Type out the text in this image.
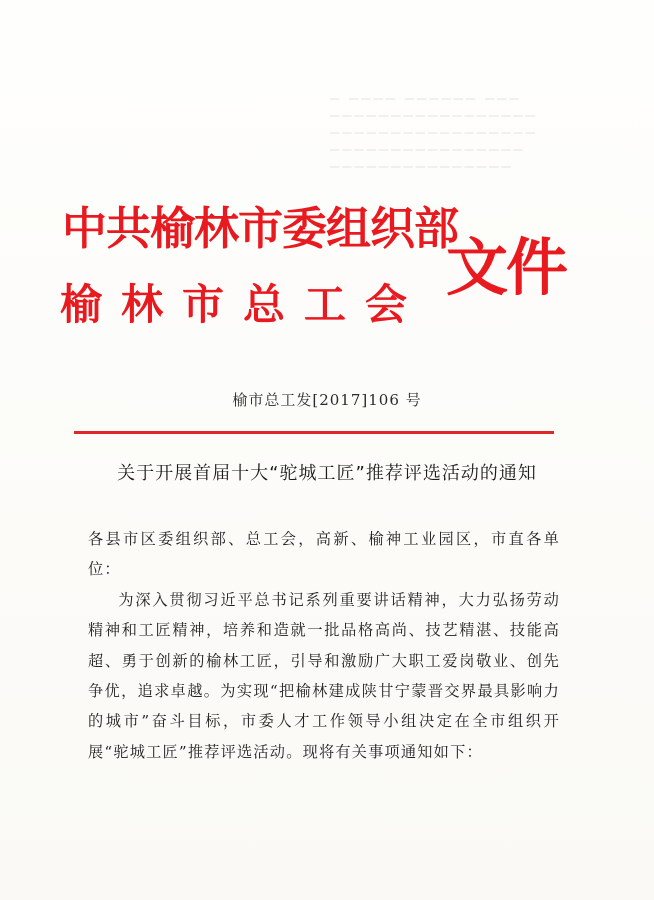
▁ ▁▁▁▁ ▁▁▁▁▁▁ ▁▁▁
▁▁▁▁▁▁▁▁▁▁▁▁▁▁▁▁▁
▁▁▁▁▁▁▁▁▁▁▁▁▁▁▁▁▁
▁▁▁▁▁▁▁▁▁▁▁▁▁▁▁▁
▁▁▁▁▁▁▁▁▁▁▁▁▁▁▁
中共榆林市委组织部
榆林市总工会
文件
榆市总工发[2017]106 号
关于开展首届十大“驼城工匠”推荐评选活动的通知

各县市区委组织部、总工会，高新、榆神工业园区，市直各单位：

为深入贯彻习近平总书记系列重要讲话精神，大力弘扬劳动精神和工匠精神，培养和造就一批品格高尚、技艺精湛、技能高超、勇于创新的榆林工匠，引导和激励广大职工爱岗敬业、创先争优，追求卓越。为实现“把榆林建成陕甘宁蒙晋交界最具影响力的城市”奋斗目标，市委人才工作领导小组决定在全市组织开展“驼城工匠”推荐评选活动。现将有关事项通知如下：
